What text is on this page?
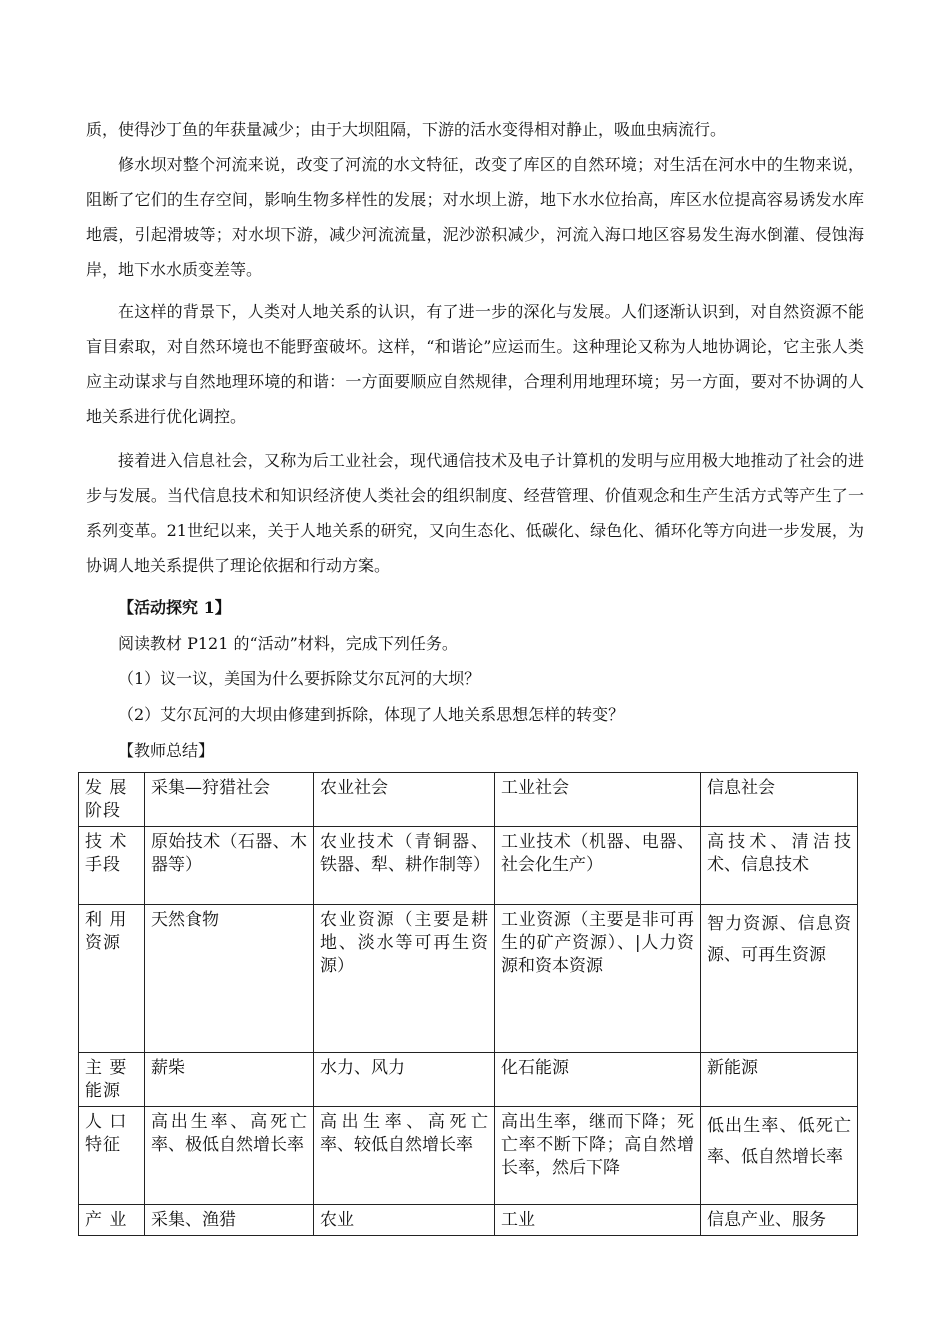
质，使得沙丁鱼的年获量减少；由于大坝阻隔，下游的活水变得相对静止，吸血虫病流行。

修水坝对整个河流来说，改变了河流的水文特征，改变了库区的自然环境；对生活在河水中的生物来说，阻断了它们的生存空间，影响生物多样性的发展；对水坝上游，地下水水位抬高，库区水位提高容易诱发水库地震，引起滑坡等；对水坝下游，减少河流流量，泥沙淤积减少，河流入海口地区容易发生海水倒灌、侵蚀海岸，地下水水质变差等。

在这样的背景下，人类对人地关系的认识，有了进一步的深化与发展。人们逐渐认识到，对自然资源不能盲目索取，对自然环境也不能野蛮破坏。这样，“和谐论”应运而生。这种理论又称为人地协调论，它主张人类应主动谋求与自然地理环境的和谐：一方面要顺应自然规律，合理利用地理环境；另一方面，要对不协调的人地关系进行优化调控。

接着进入信息社会，又称为后工业社会，现代通信技术及电子计算机的发明与应用极大地推动了社会的进步与发展。当代信息技术和知识经济使人类社会的组织制度、经营管理、价值观念和生产生活方式等产生了一系列变革。21世纪以来，关于人地关系的研究，又向生态化、低碳化、绿色化、循环化等方向进一步发展，为协调人地关系提供了理论依据和行动方案。

【活动探究 1】

阅读教材 P121 的“活动”材料，完成下列任务。

（1）议一议，美国为什么要拆除艾尔瓦河的大坝？

（2）艾尔瓦河的大坝由修建到拆除，体现了人地关系思想怎样的转变？

【教师总结】

发 展阶段	采集—狩猎社会	农业社会	工业社会	信息社会
技 术手段	原始技术（石器、木器等）	农业技术（青铜器、铁器、犁、耕作制等）	工业技术（机器、电器、社会化生产）	高技术、清洁技术、信息技术
利 用资源	天然食物	农业资源（主要是耕地、淡水等可再生资源）	工业资源（主要是非可再生的矿产资源）、|人力资源和资本资源	智力资源、信息资源、可再生资源
主 要能源	薪柴	水力、风力	化石能源	新能源
人 口特征	高出生率、高死亡率、极低自然增长率	高出生率、高死亡率、较低自然增长率	高出生率，继而下降；死亡率不断下降；高自然增长率，然后下降	低出生率、低死亡率、低自然增长率
产 业	采集、渔猎	农业	工业	信息产业、服务
